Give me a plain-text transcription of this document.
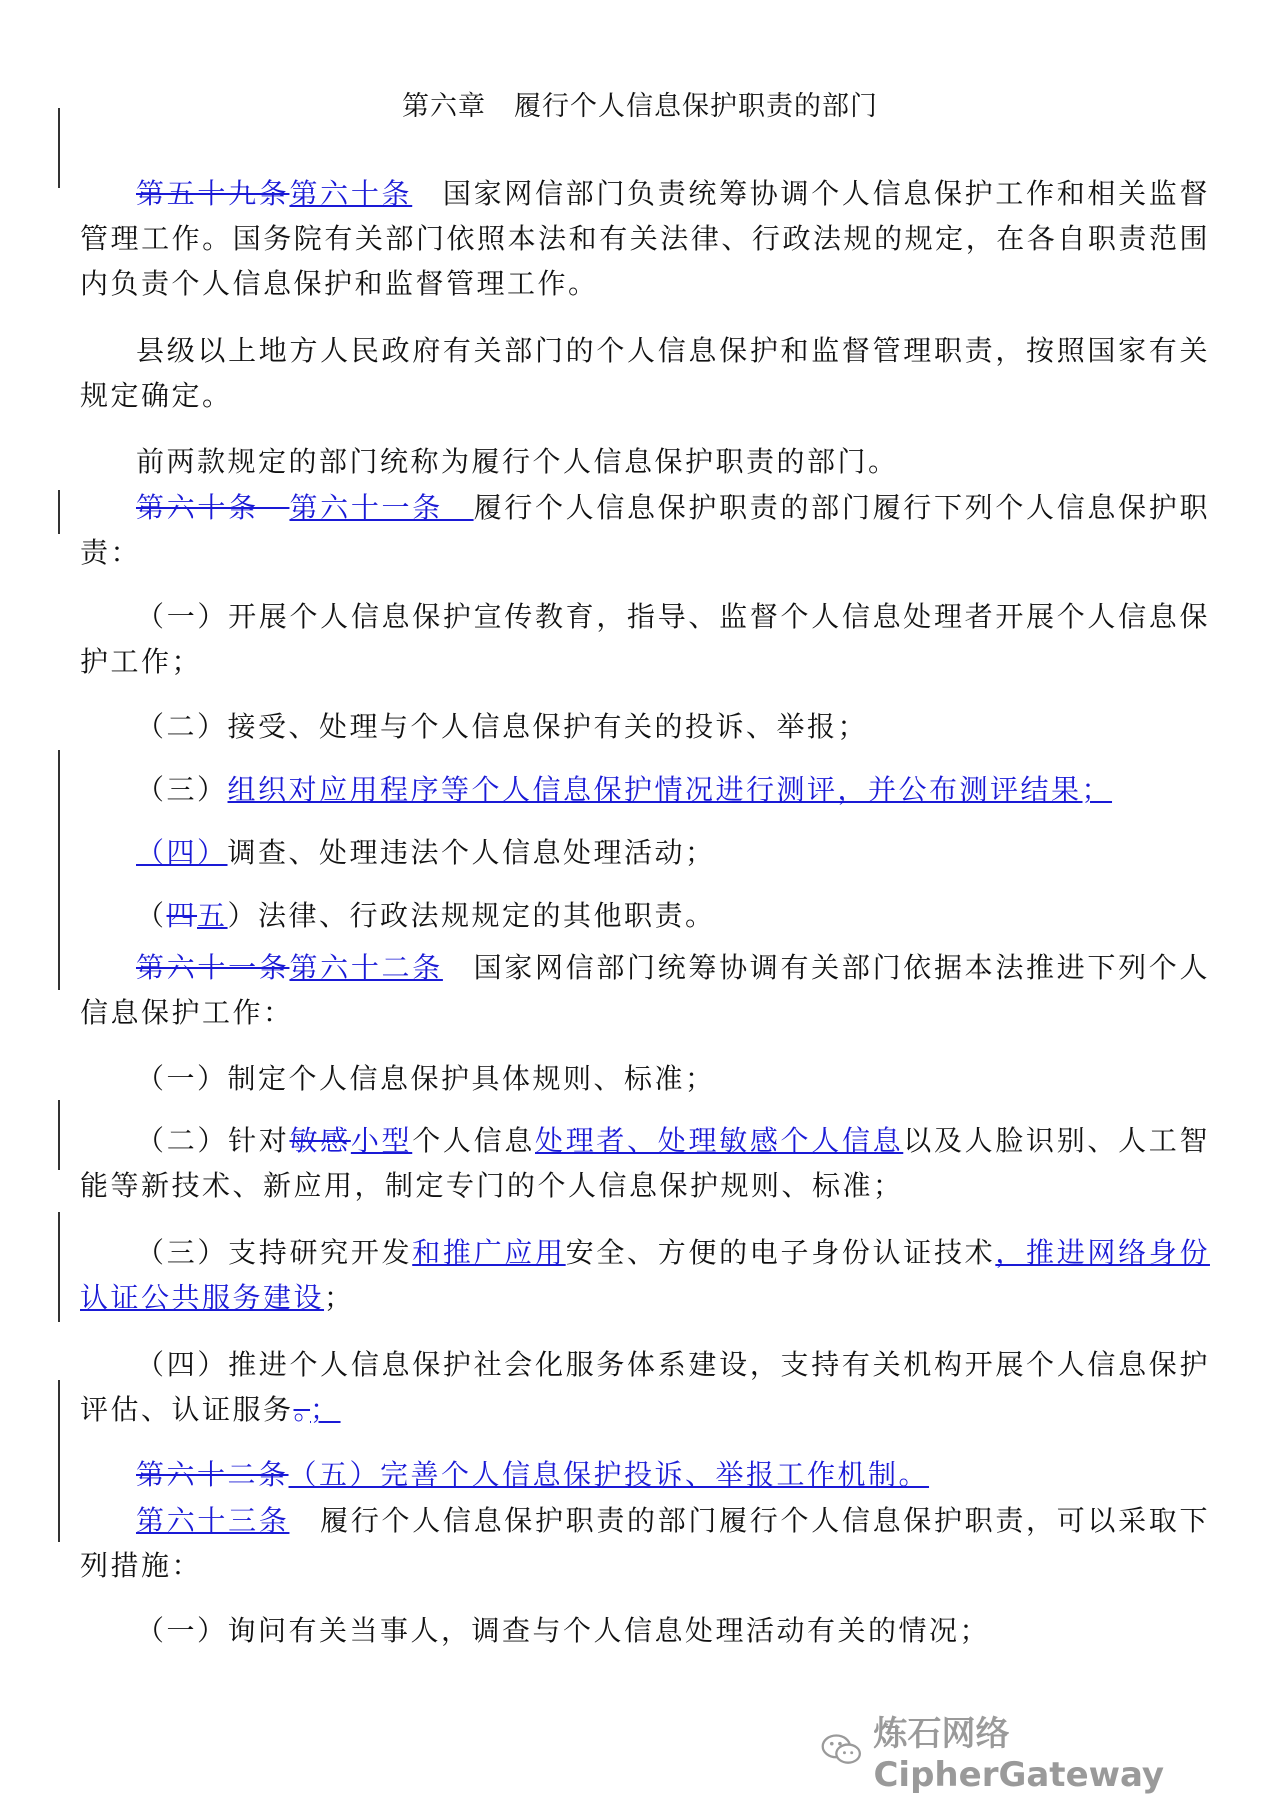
第六章　履行个人信息保护职责的部门

第五十九条第六十条　国家网信部门负责统筹协调个人信息保护工作和相关监督管理工作。国务院有关部门依照本法和有关法律、行政法规的规定，在各自职责范围内负责个人信息保护和监督管理工作。

县级以上地方人民政府有关部门的个人信息保护和监督管理职责，按照国家有关规定确定。

前两款规定的部门统称为履行个人信息保护职责的部门。

第六十条　第六十一条　履行个人信息保护职责的部门履行下列个人信息保护职责：

（一）开展个人信息保护宣传教育，指导、监督个人信息处理者开展个人信息保护工作；

（二）接受、处理与个人信息保护有关的投诉、举报；

（三）组织对应用程序等个人信息保护情况进行测评，并公布测评结果；

（四）调查、处理违法个人信息处理活动；

（四五）法律、行政法规规定的其他职责。

第六十一条第六十二条　国家网信部门统筹协调有关部门依据本法推进下列个人信息保护工作：

（一）制定个人信息保护具体规则、标准；

（二）针对敏感小型个人信息处理者、处理敏感个人信息以及人脸识别、人工智能等新技术、新应用，制定专门的个人信息保护规则、标准；

（三）支持研究开发和推广应用安全、方便的电子身份认证技术，推进网络身份认证公共服务建设；

（四）推进个人信息保护社会化服务体系建设，支持有关机构开展个人信息保护评估、认证服务。；

第六十二条（五）完善个人信息保护投诉、举报工作机制。

第六十三条　履行个人信息保护职责的部门履行个人信息保护职责，可以采取下列措施：

（一）询问有关当事人，调查与个人信息处理活动有关的情况；

炼石网络CipherGateway
